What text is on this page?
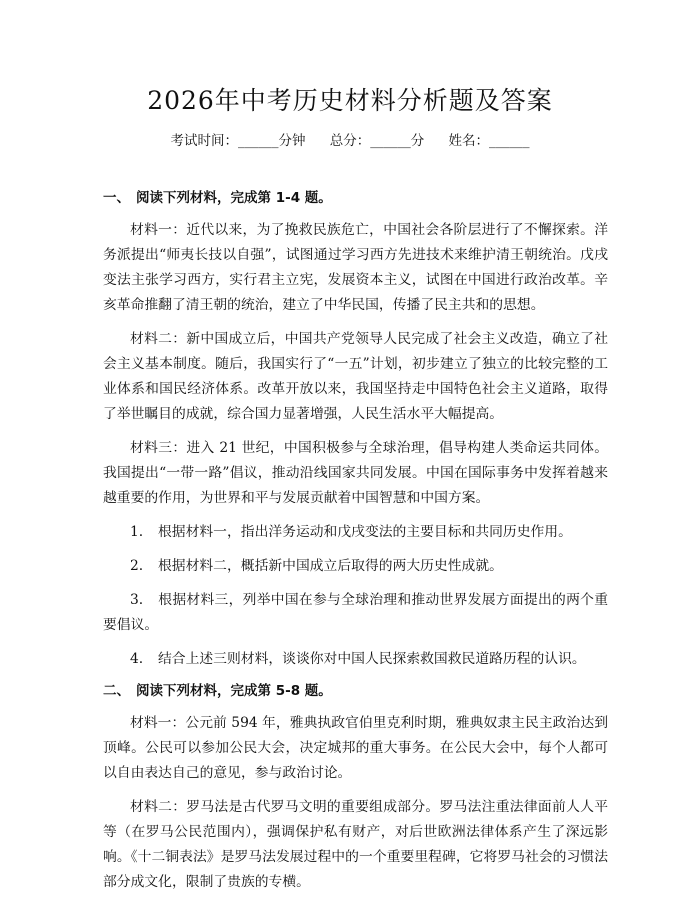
2026年中考历史材料分析题及答案
考试时间：______分钟 总分：______分 姓名：______
一、 阅读下列材料，完成第 1-4 题。

材料一：近代以来，为了挽救民族危亡，中国社会各阶层进行了不懈探索。洋务派提出“师夷长技以自强”，试图通过学习西方先进技术来维护清王朝统治。戊戌变法主张学习西方，实行君主立宪，发展资本主义，试图在中国进行政治改革。辛亥革命推翻了清王朝的统治，建立了中华民国，传播了民主共和的思想。

材料二：新中国成立后，中国共产党领导人民完成了社会主义改造，确立了社会主义基本制度。随后，我国实行了“一五”计划，初步建立了独立的比较完整的工业体系和国民经济体系。改革开放以来，我国坚持走中国特色社会主义道路，取得了举世瞩目的成就，综合国力显著增强，人民生活水平大幅提高。

材料三：进入 21 世纪，中国积极参与全球治理，倡导构建人类命运共同体。我国提出“一带一路”倡议，推动沿线国家共同发展。中国在国际事务中发挥着越来越重要的作用，为世界和平与发展贡献着中国智慧和中国方案。

1. 根据材料一，指出洋务运动和戊戌变法的主要目标和共同历史作用。

2. 根据材料二，概括新中国成立后取得的两大历史性成就。

3. 根据材料三，列举中国在参与全球治理和推动世界发展方面提出的两个重要倡议。

4. 结合上述三则材料，谈谈你对中国人民探索救国救民道路历程的认识。

二、 阅读下列材料，完成第 5-8 题。

材料一：公元前 594 年，雅典执政官伯里克利时期，雅典奴隶主民主政治达到顶峰。公民可以参加公民大会，决定城邦的重大事务。在公民大会中，每个人都可以自由表达自己的意见，参与政治讨论。

材料二：罗马法是古代罗马文明的重要组成部分。罗马法注重法律面前人人平等（在罗马公民范围内），强调保护私有财产，对后世欧洲法律体系产生了深远影响。《十二铜表法》是罗马法发展过程中的一个重要里程碑，它将罗马社会的习惯法部分成文化，限制了贵族的专横。
